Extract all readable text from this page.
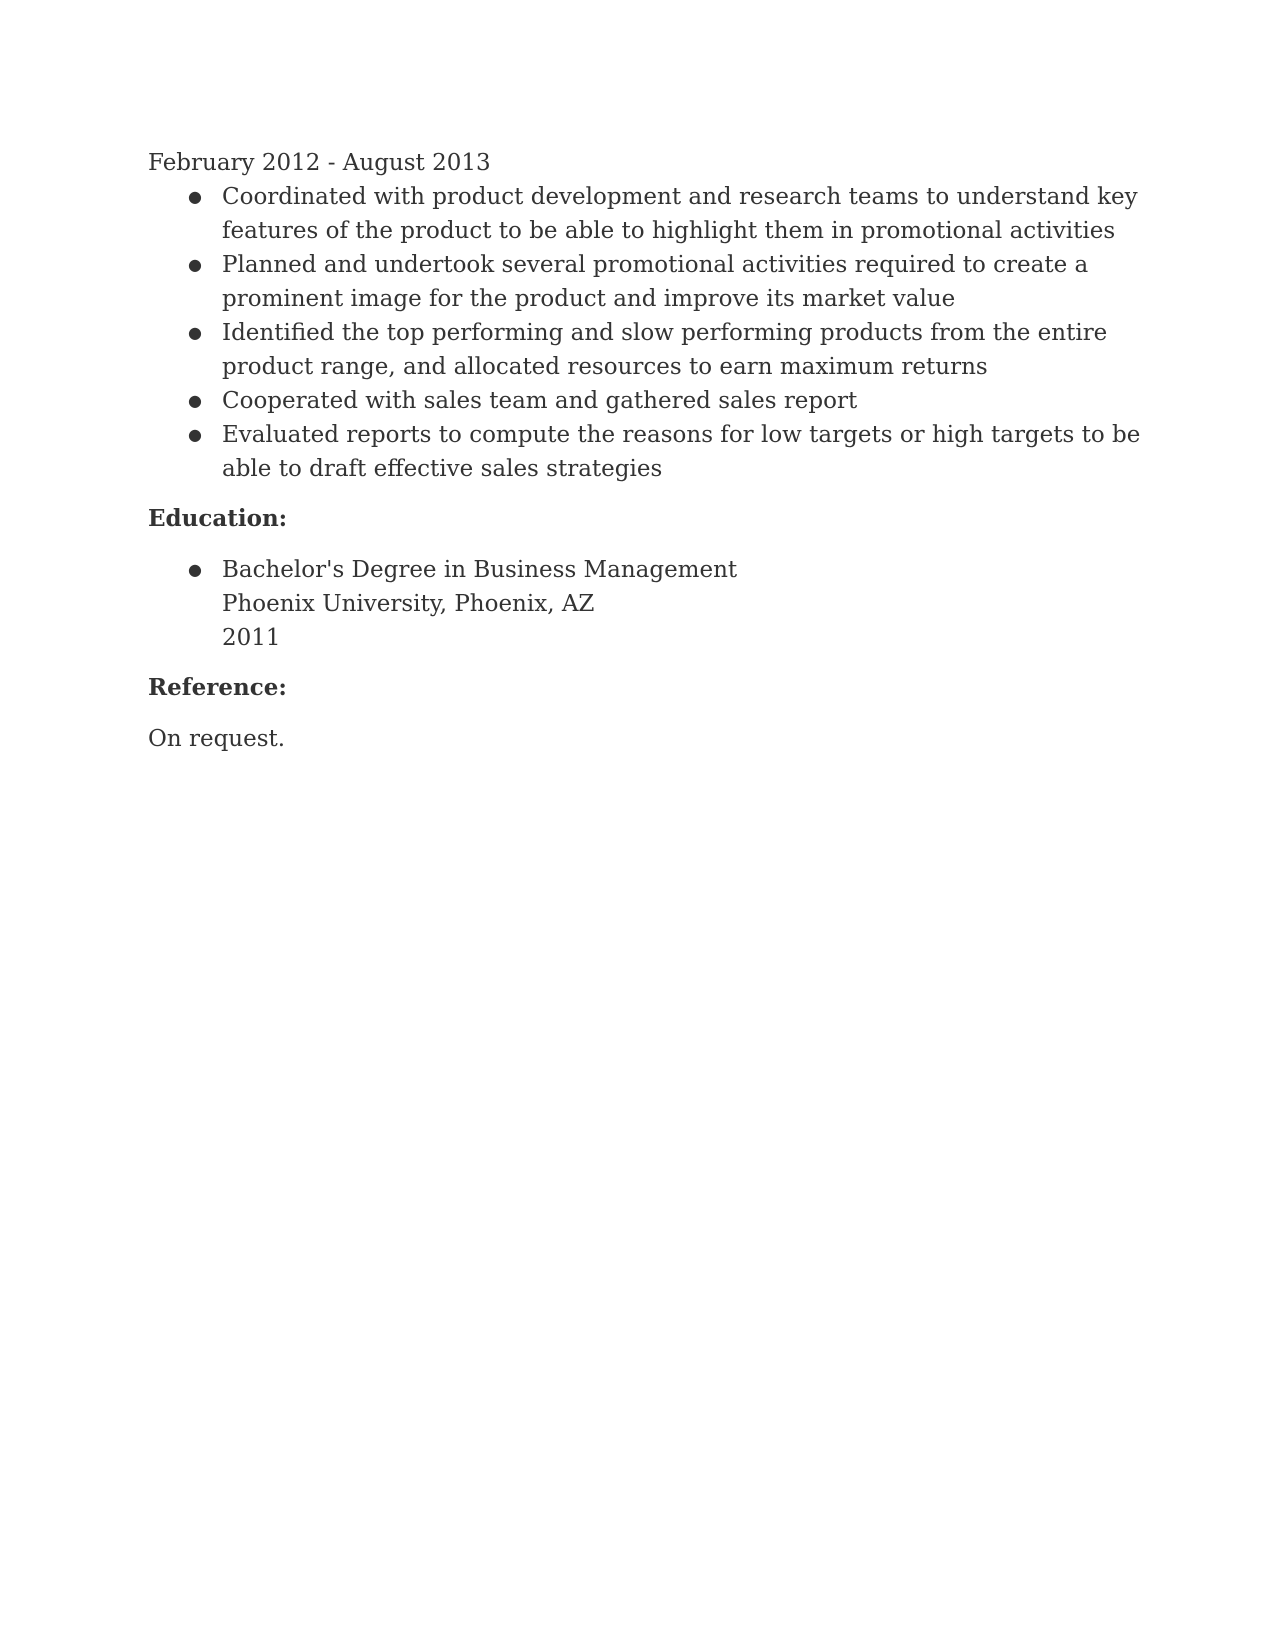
February 2012 - August 2013

● Coordinated with product development and research teams to understand key
features of the product to be able to highlight them in promotional activities
● Planned and undertook several promotional activities required to create a
prominent image for the product and improve its market value
● Identified the top performing and slow performing products from the entire
product range, and allocated resources to earn maximum returns
● Cooperated with sales team and gathered sales report
● Evaluated reports to compute the reasons for low targets or high targets to be
able to draft effective sales strategies

Education:

● Bachelor's Degree in Business Management
Phoenix University, Phoenix, AZ
2011

Reference:

On request.
